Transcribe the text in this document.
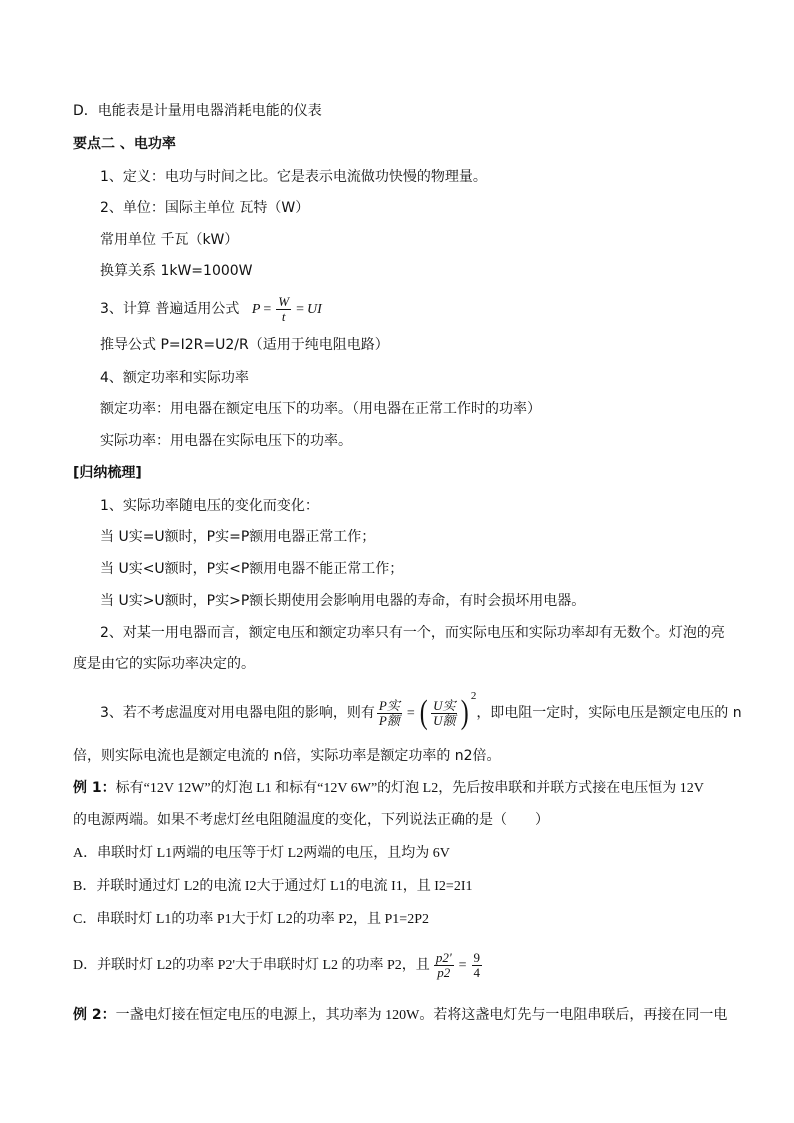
D．电能表是计量用电器消耗电能的仪表
要点二 、电功率
1、定义：电功与时间之比。它是表示电流做功快慢的物理量。
2、单位：国际主单位 瓦特（W）
常用单位 千瓦（kW）
换算关系 1kW=1000W
3、计算 普遍适用公式 $P = \frac{W}{t}$ = UI
推导公式 P=I2R=U2/R（适用于纯电阻电路）
4、额定功率和实际功率
额定功率：用电器在额定电压下的功率。（用电器在正常工作时的功率）
实际功率：用电器在实际电压下的功率。
[归纳梳理]
1、实际功率随电压的变化而变化：
当 U实=U额时，P实=P额用电器正常工作；
当 U实<U额时，P实<P额用电器不能正常工作；
当 U实>U额时，P实>P额长期使用会影响用电器的寿命，有时会损坏用电器。
2、对某一用电器而言，额定电压和额定功率只有一个，而实际电压和实际功率却有无数个。灯泡的亮
度是由它的实际功率决定的。
3、若不考虑温度对用电器电阻的影响，则有 $\frac{\text{P实}}{\text{P额}}$ = ( $\frac{\text{U实}}{\text{U额}}$ ) $^2$，即电阻一定时，实际电压是额定电压的 n
倍，则实际电流也是额定电流的 n倍，实际功率是额定功率的 n2倍。
例 1：标有“12V 12W”的灯泡 L1 和标有“12V 6W”的灯泡 L2，先后按串联和并联方式接在电压恒为 12V
的电源两端。如果不考虑灯丝电阻随温度的变化，下列说法正确的是（　　）
A．串联时灯 L1两端的电压等于灯 L2两端的电压，且均为 6V
B．并联时通过灯 L2的电流 I2大于通过灯 L1的电流 I1，且 I2=2I1
C．串联时灯 L1的功率 P1大于灯 L2的功率 P2，且 P1=2P2
D．并联时灯 L2的功率 P2'大于串联时灯 L2 的功率 P2，且 $\frac{p2'}{p2} = \frac{9}{4}$
例 2：一盏电灯接在恒定电压的电源上，其功率为 120W。若将这盏电灯先与一电阻串联后，再接在同一电
